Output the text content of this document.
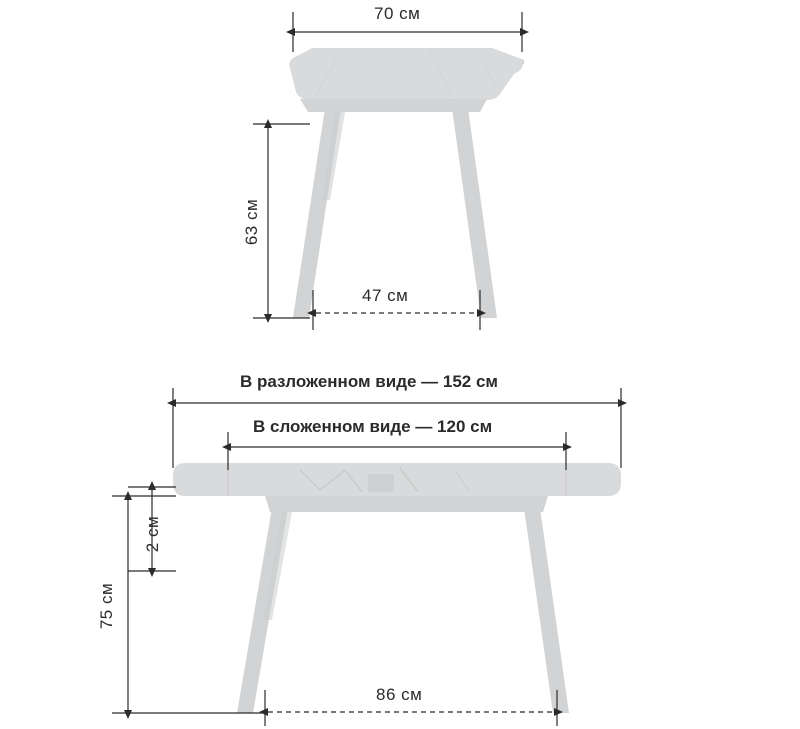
70 см
63 см
47 см
В разложенном виде — 152 см
В сложенном виде — 120 см
2 см
75 см
86 см
